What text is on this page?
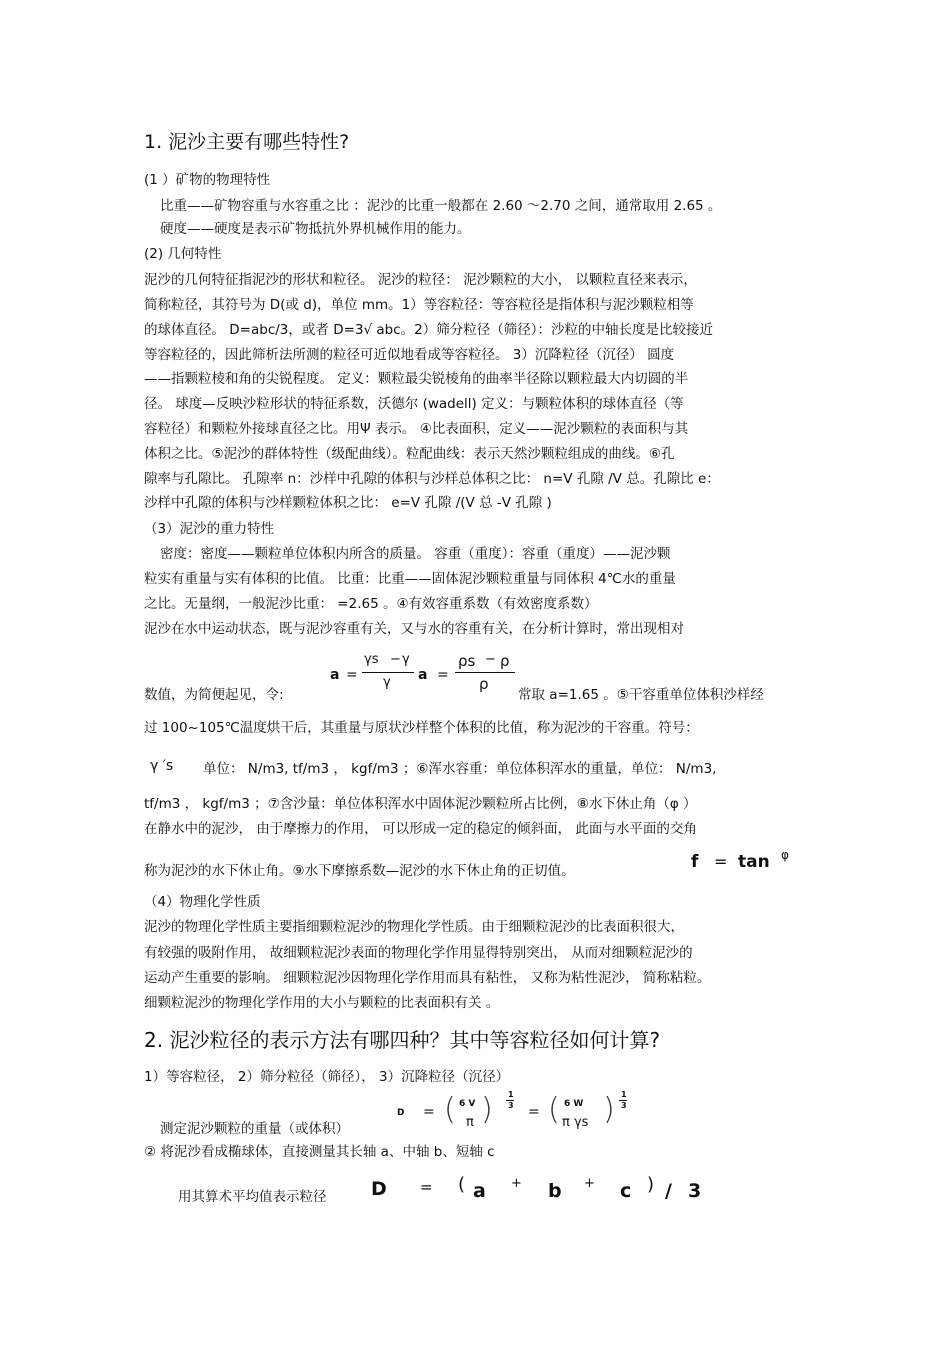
1. 泥沙主要有哪些特性?
(1 ）矿物的物理特性
比重——矿物容重与水容重之比 ：泥沙的比重一般都在 2.60 ～2.70 之间，通常取用 2.65 。
硬度——硬度是表示矿物抵抗外界机械作用的能力。
(2) 几何特性
泥沙的几何特征指泥沙的形状和粒径。 泥沙的粒径： 泥沙颗粒的大小， 以颗粒直径来表示，
简称粒径，其符号为 D(或 d)，单位 mm。1）等容粒径：等容粒径是指体积与泥沙颗粒相等
的球体直径。 D=abc/3，或者 D=3√ abc。2）筛分粒径（筛径）：沙粒的中轴长度是比较接近
等容粒径的，因此筛析法所测的粒径可近似地看成等容粒径。 3）沉降粒径（沉径） 圆度
——指颗粒棱和角的尖锐程度。 定义：颗粒最尖锐棱角的曲率半径除以颗粒最大内切圆的半
径。 球度—反映沙粒形状的特征系数，沃德尔 (wadell) 定义：与颗粒体积的球体直径（等
容粒径）和颗粒外接球直径之比。用Ψ 表示。 ④比表面积，定义——泥沙颗粒的表面积与其
体积之比。⑤泥沙的群体特性（级配曲线）。粒配曲线：表示天然沙颗粒组成的曲线。⑥孔
隙率与孔隙比。 孔隙率 n：沙样中孔隙的体积与沙样总体积之比： n=V 孔隙 /V 总。孔隙比 e：
沙样中孔隙的体积与沙样颗粒体积之比： e=V 孔隙 /(V 总 -V 孔隙 )
（3）泥沙的重力特性
密度：密度——颗粒单位体积内所含的质量。 容重（重度）：容重（重度）——泥沙颗
粒实有重量与实有体积的比值。 比重：比重——固体泥沙颗粒重量与同体积 4℃水的重量
之比。无量纲，一般泥沙比重： =2.65 。④有效容重系数（有效密度系数）
泥沙在水中运动状态，既与泥沙容重有关，又与水的容重有关，在分析计算时，常出现相对
a =
γs − γ
γ a =
ρs − ρ
ρ
数值，为简便起见，令:	常取 a=1.65 。⑤干容重单位体积沙样经
过 100~105℃温度烘干后，其重量与原状沙样整个体积的比值，称为泥沙的干容重。符号：
γ ′s 单位： N/m3, tf/m3 ， kgf/m3 ；⑥浑水容重：单位体积浑水的重量，单位： N/m3,
tf/m3 ， kgf/m3 ；⑦含沙量：单位体积浑水中固体泥沙颗粒所占比例，⑧水下休止角（φ ）
在静水中的泥沙， 由于摩擦力的作用， 可以形成一定的稳定的倾斜面， 此面与水平面的交角
称为泥沙的水下休止角。⑨水下摩擦系数—泥沙的水下休止角的正切值。	f = tan φ
（4）物理化学性质
泥沙的物理化学性质主要指细颗粒泥沙的物理化学性质。由于细颗粒泥沙的比表面积很大，
有较强的吸附作用， 故细颗粒泥沙表面的物理化学作用显得特别突出， 从而对细颗粒泥沙的
运动产生重要的影响。 细颗粒泥沙因物理化学作用而具有粘性， 又称为粘性泥沙， 简称粘粒。
细颗粒泥沙的物理化学作用的大小与颗粒的比表面积有关 。
2. 泥沙粒径的表示方法有哪四种？其中等容粒径如何计算?
1）等容粒径， 2）筛分粒径（筛径）， 3）沉降粒径（沉径）
测定泥沙颗粒的重量（或体积）
D = ( 6 V
π ) 1
3 = ( 6 W
π γs ) 1
3
② 将泥沙看成椭球体，直接测量其长轴 a、中轴 b、短轴 c
用其算术平均值表示粒径 D = ( a + b + c ) / 3
